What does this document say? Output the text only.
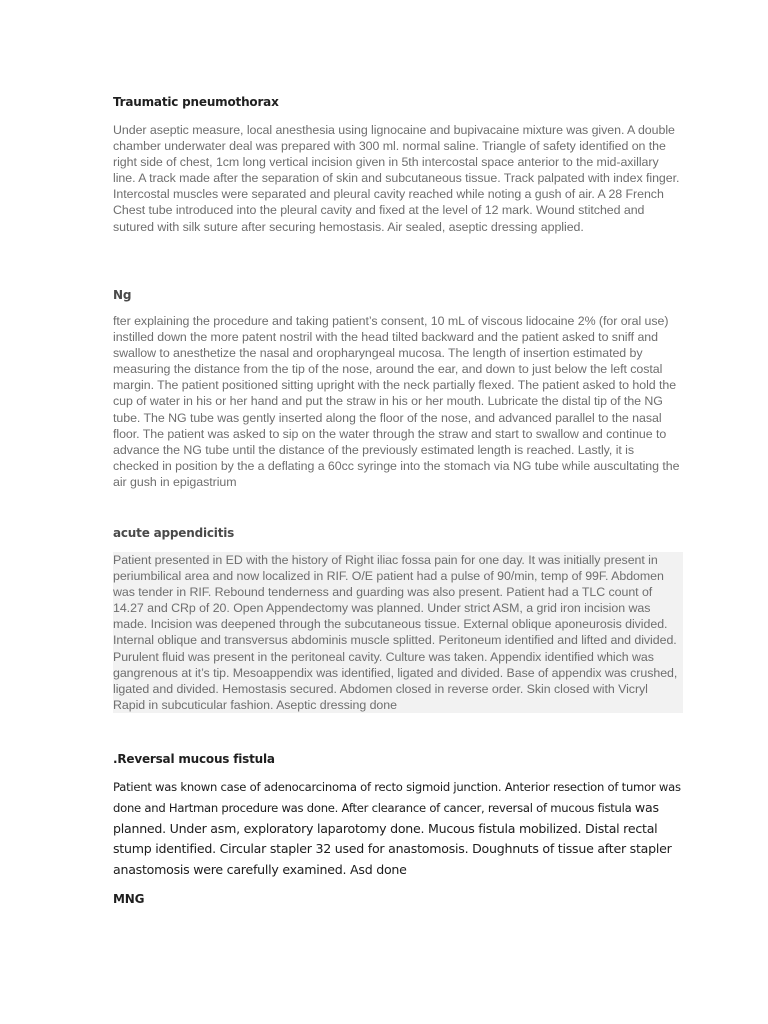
Traumatic pneumothorax

Under aseptic measure, local anesthesia using lignocaine and bupivacaine mixture was given. A double chamber underwater deal was prepared with 300 ml. normal saline. Triangle of safety identified on the right side of chest, 1cm long vertical incision given in 5th intercostal space anterior to the mid-axillary line. A track made after the separation of skin and subcutaneous tissue. Track palpated with index finger. Intercostal muscles were separated and pleural cavity reached while noting a gush of air. A 28 French Chest tube introduced into the pleural cavity and fixed at the level of 12 mark. Wound stitched and sutured with silk suture after securing hemostasis. Air sealed, aseptic dressing applied.

Ng

fter explaining the procedure and taking patient’s consent, 10 mL of viscous lidocaine 2% (for oral use) instilled down the more patent nostril with the head tilted backward and the patient asked to sniff and swallow to anesthetize the nasal and oropharyngeal mucosa. The length of insertion estimated by measuring the distance from the tip of the nose, around the ear, and down to just below the left costal margin. The patient positioned sitting upright with the neck partially flexed. The patient asked to hold the cup of water in his or her hand and put the straw in his or her mouth. Lubricate the distal tip of the NG tube. The NG tube was gently inserted along the floor of the nose, and advanced parallel to the nasal floor. The patient was asked to sip on the water through the straw and start to swallow and continue to advance the NG tube until the distance of the previously estimated length is reached. Lastly, it is checked in position by the a deflating a 60cc syringe into the stomach via NG tube while auscultating the air gush in epigastrium

acute appendicitis

Patient presented in ED with the history of Right iliac fossa pain for one day. It was initially present in periumbilical area and now localized in RIF. O/E patient had a pulse of 90/min, temp of 99F. Abdomen was tender in RIF. Rebound tenderness and guarding was also present. Patient had a TLC count of 14.27 and CRp of 20. Open Appendectomy was planned. Under strict ASM, a grid iron incision was made. Incision was deepened through the subcutaneous tissue. External oblique aponeurosis divided. Internal oblique and transversus abdominis muscle splitted. Peritoneum identified and lifted and divided. Purulent fluid was present in the peritoneal cavity. Culture was taken. Appendix identified which was gangrenous at it’s tip. Mesoappendix was identified, ligated and divided. Base of appendix was crushed, ligated and divided. Hemostasis secured. Abdomen closed in reverse order. Skin closed with Vicryl Rapid in subcuticular fashion. Aseptic dressing done

.Reversal mucous fistula

Patient was known case of adenocarcinoma of recto sigmoid junction. Anterior resection of tumor was done and Hartman procedure was done. After clearance of cancer, reversal of mucous fistula was planned. Under asm, exploratory laparotomy done. Mucous fistula mobilized. Distal rectal stump identified. Circular stapler 32 used for anastomosis. Doughnuts of tissue after stapler anastomosis were carefully examined. Asd done

MNG
